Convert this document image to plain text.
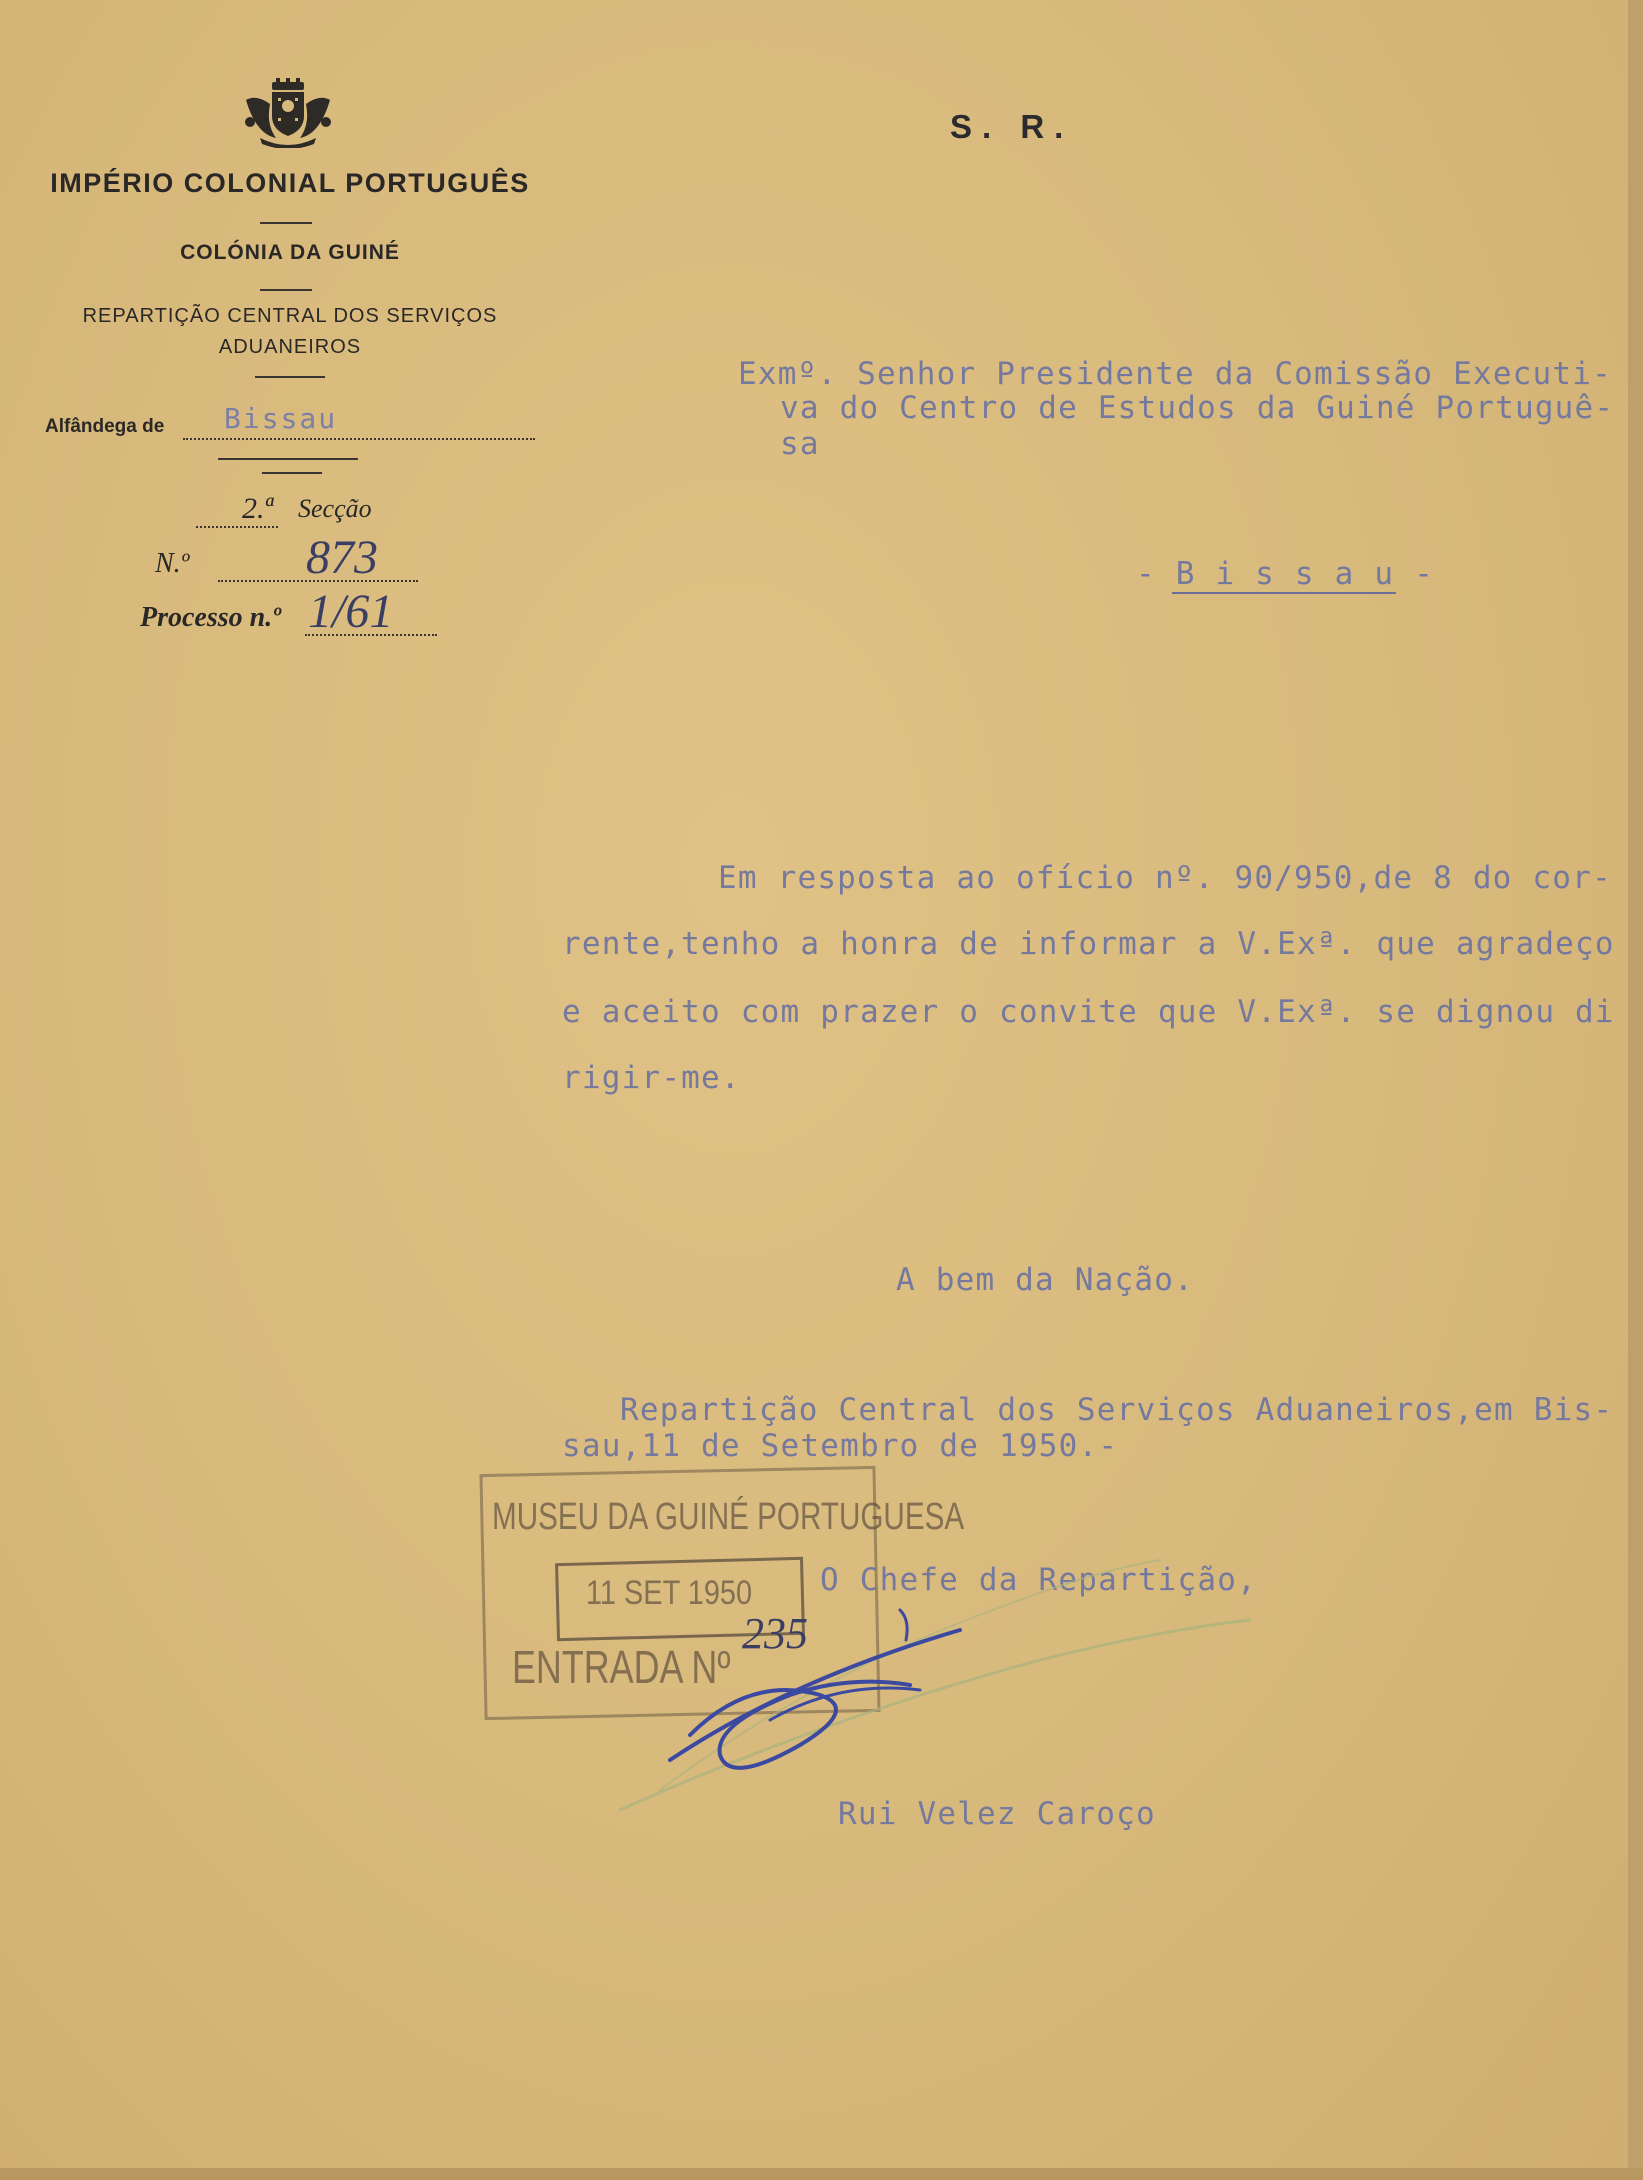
IMPÉRIO COLONIAL PORTUGUÊS
COLÓNIA DA GUINÉ
REPARTIÇÃO CENTRAL DOS SERVIÇOS
ADUANEIROS
Alfândega de Bissau
2.ª Secção
N.º 873
Processo n.º 1/61
S. R.
Exmº. Senhor Presidente da Comissão Executi-
va do Centro de Estudos da Guiné Portuguê-
sa
- B i s s a u -
Em resposta ao ofício nº. 90/950,de 8 do cor-
rente,tenho a honra de informar a V.Exª. que agradeço
e aceito com prazer o convite que V.Exª. se dignou di
rigir-me.
A bem da Nação.
Repartição Central dos Serviços Aduaneiros,em Bis-
sau,11 de Setembro de 1950.-
MUSEU DA GUINÉ PORTUGUESA
11 SET 1950
ENTRADA Nº
235
O Chefe da Repartição,
Rui Velez Caroço
